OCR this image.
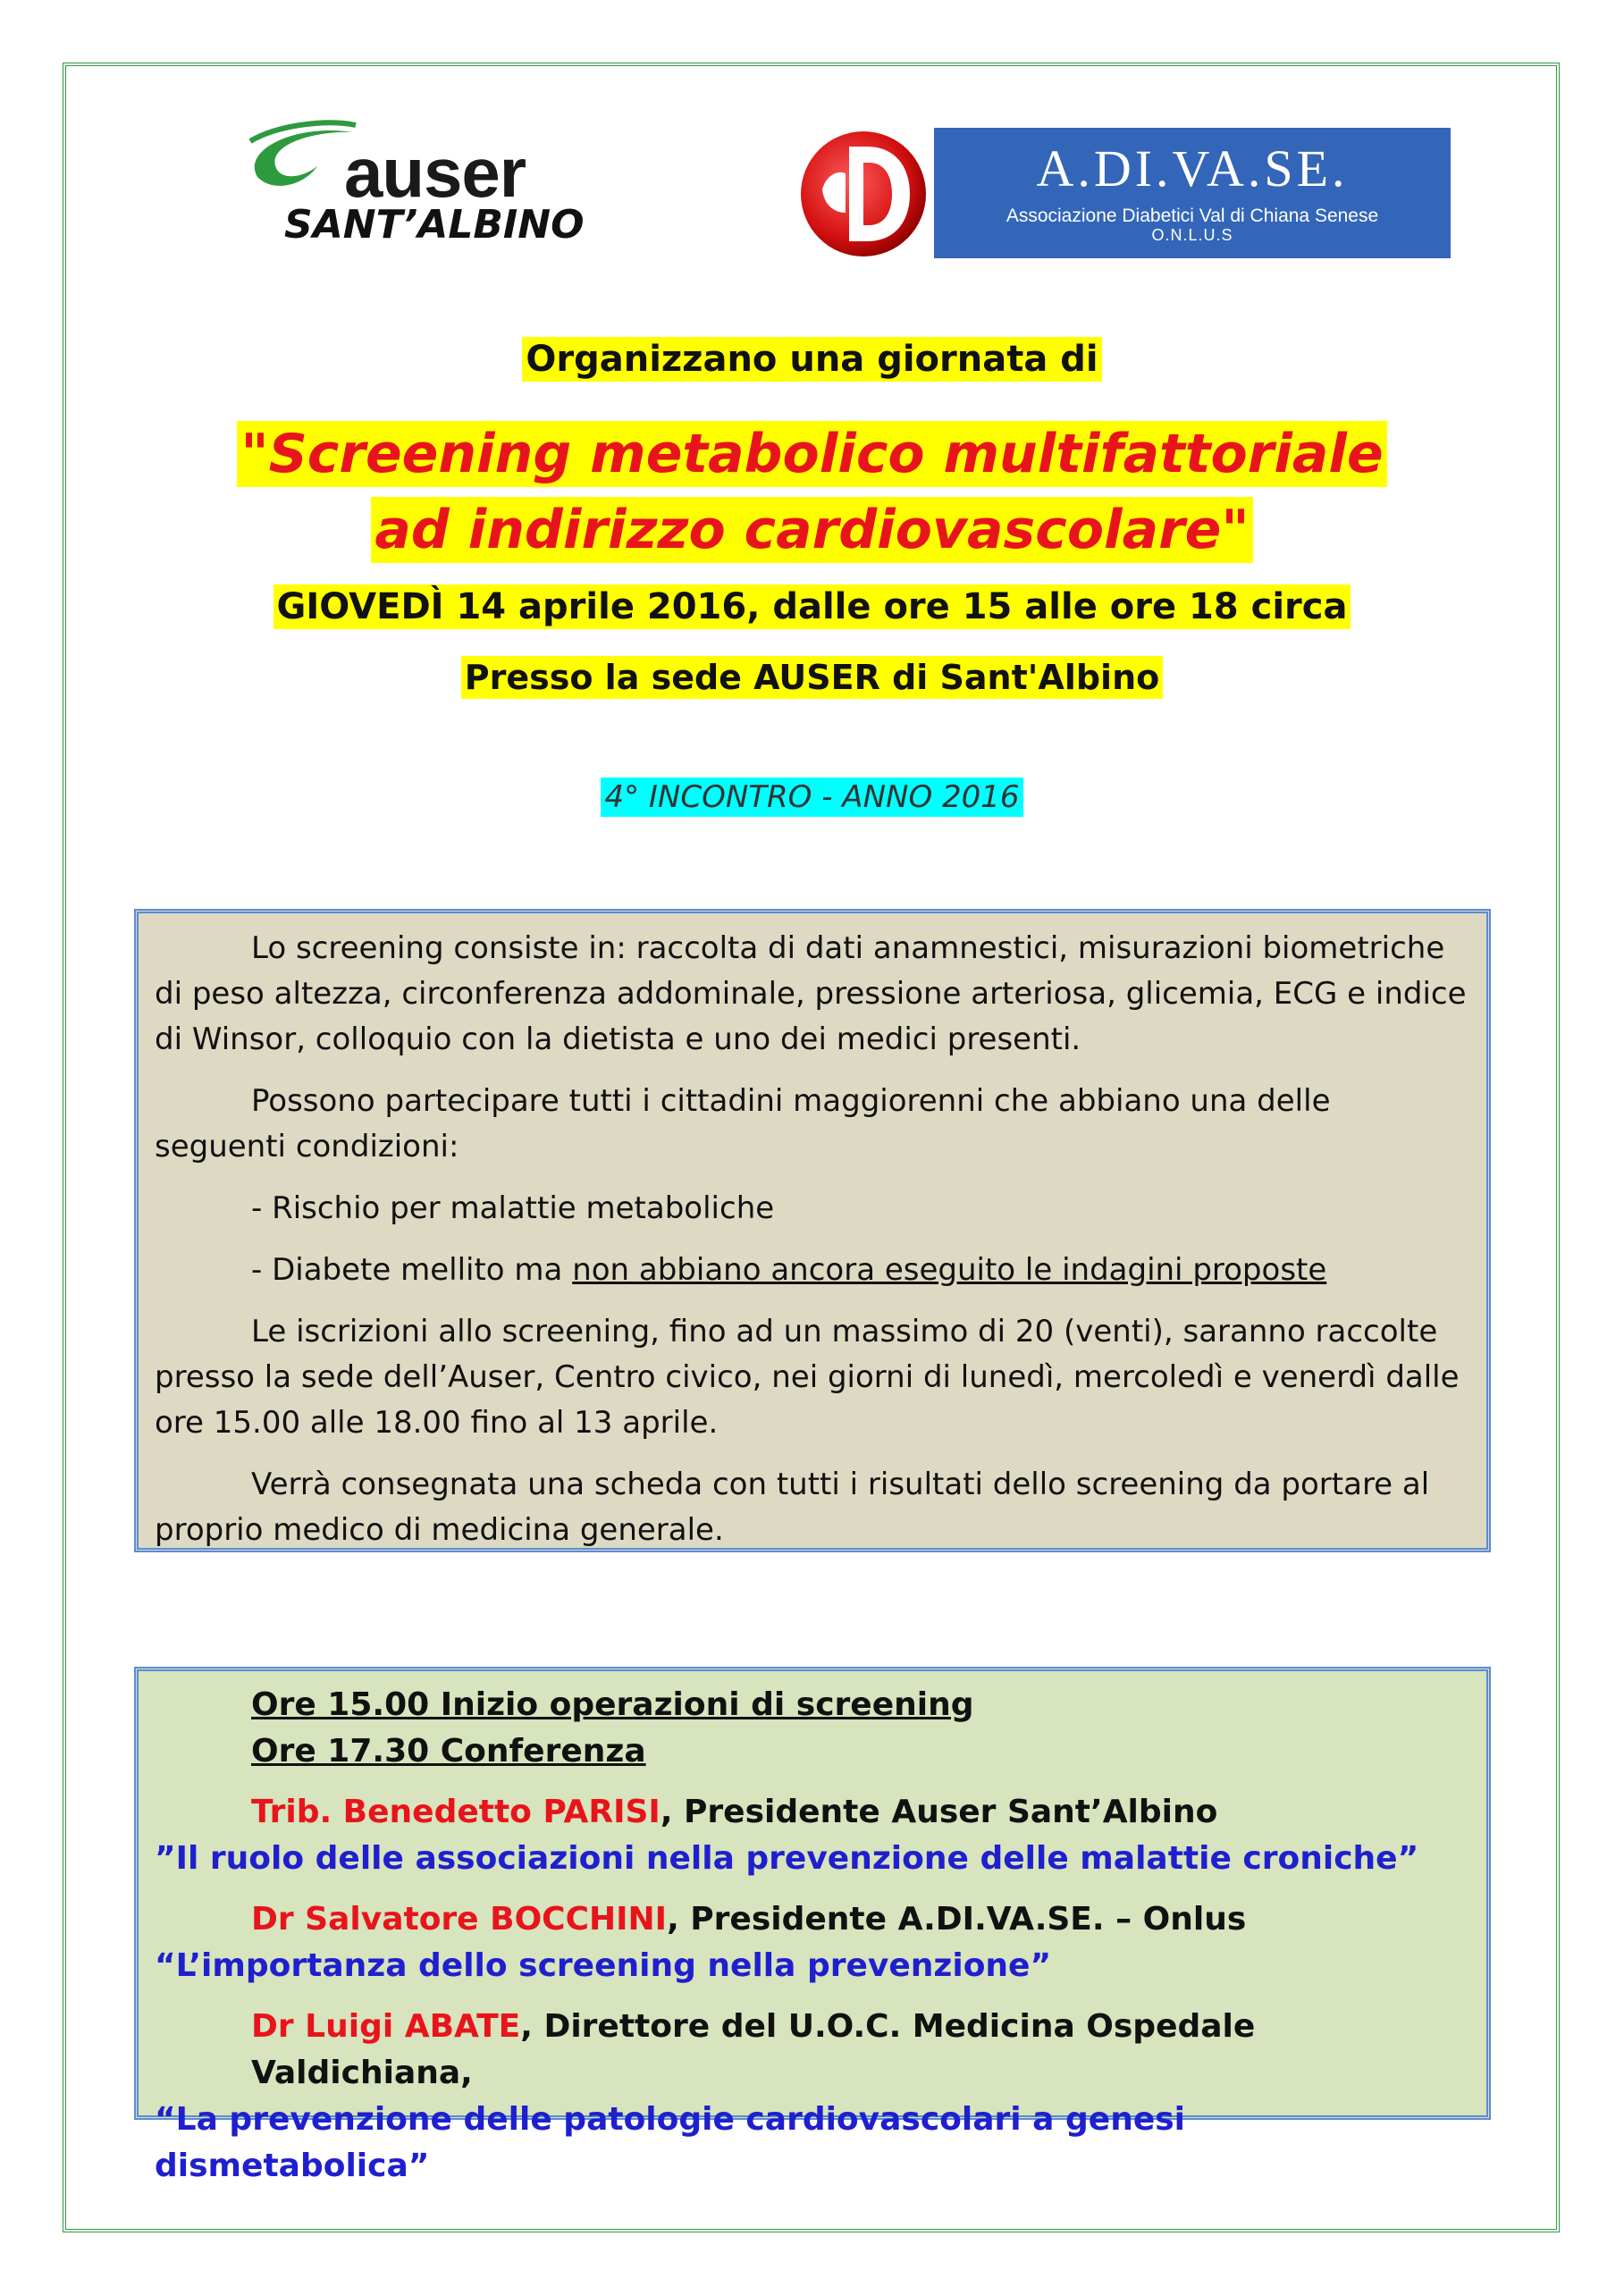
auser
SANT’ALBINO
A.DI.VA.SE.
Associazione Diabetici Val di Chiana Senese
O.N.L.U.S
Organizzano una giornata di
"Screening metabolico multifattoriale
ad indirizzo cardiovascolare"
GIOVEDÌ 14 aprile 2016, dalle ore 15 alle ore 18 circa
Presso la sede AUSER di Sant'Albino
4° INCONTRO - ANNO 2016

Lo screening consiste in: raccolta di dati anamnestici, misurazioni biometriche di peso altezza, circonferenza addominale, pressione arteriosa, glicemia, ECG e indice di Winsor, colloquio con la dietista e uno dei medici presenti.

Possono partecipare tutti i cittadini maggiorenni che abbiano una delle seguenti condizioni:

- Rischio per malattie metaboliche

- Diabete mellito ma non abbiano ancora eseguito le indagini proposte

Le iscrizioni allo screening, fino ad un massimo di 20 (venti), saranno raccolte presso la sede dell’Auser, Centro civico, nei giorni di lunedì, mercoledì e venerdì dalle ore 15.00 alle 18.00 fino al 13 aprile.

Verrà consegnata una scheda con tutti i risultati dello screening da portare al proprio medico di medicina generale.

Ore 15.00 Inizio operazioni di screening
Ore 17.30 Conferenza
Trib. Benedetto PARISI, Presidente Auser Sant’Albino
”Il ruolo delle associazioni nella prevenzione delle malattie croniche”
Dr Salvatore BOCCHINI, Presidente A.DI.VA.SE. – Onlus
“L’importanza dello screening nella prevenzione”
Dr Luigi ABATE, Direttore del U.O.C. Medicina Ospedale Valdichiana,
“La prevenzione delle patologie cardiovascolari a genesi dismetabolica”
